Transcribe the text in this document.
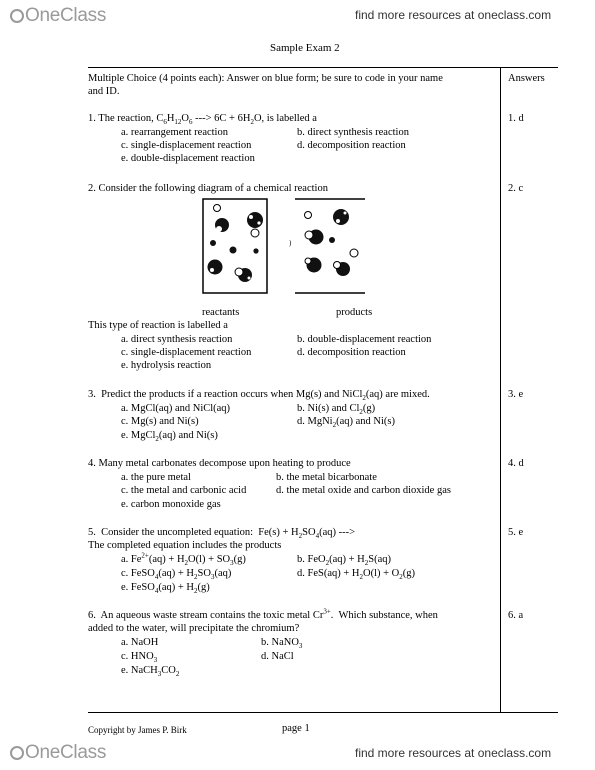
OneClass	find more resources at oneclass.com
Sample Exam 2
Multiple Choice (4 points each): Answer on blue form; be sure to code in your name
and ID.
Answers
1. The reaction, $C_6H_{12}O_6$ ---> $6C + 6H_2O$, is labelled a	1. d
a. rearrangement reaction	b. direct synthesis reaction
c. single-displacement reaction	d. decomposition reaction
e. double-displacement reaction
2. Consider the following diagram of a chemical reaction	2. c
)
reactants	products
This type of reaction is labelled a
a. direct synthesis reaction	b. double-displacement reaction
c. single-displacement reaction	d. decomposition reaction
e. hydrolysis reaction
3.  Predict the products if a reaction occurs when Mg(s) and NiCl$_2$(aq) are mixed.	3. e
a. MgCl(aq) and NiCl(aq)	b. Ni(s) and $Cl_2(g)$
c. Mg(s) and Ni(s)	d. MgNi$_2$(aq) and Ni(s)
e. MgCl$_2$(aq) and Ni(s)
4. Many metal carbonates decompose upon heating to produce	4. d
a. the pure metal	b. the metal bicarbonate
c. the metal and carbonic acid	d. the metal oxide and carbon dioxide gas
e. carbon monoxide gas
5.  Consider the uncompleted equation:  $Fe(s) + H_2SO_4(aq)$ --->	5. e
The completed equation includes the products
a. $Fe^{2+}(aq) + H_2O(l) + SO_3(g)$	b. $FeO_2(aq) + H_2S(aq)$
c. FeSO$_4$(aq) + $H_2SO_3(aq)$	d. $FeS(aq) + H_2O(l) + O_2(g)$
e. FeSO$_4$(aq) + $H_2(g)$
6.  An aqueous waste stream contains the toxic metal $Cr^{3+}$.  Which substance, when	6. a
added to the water, will precipitate the chromium?
a. NaOH	b. NaNO$_3$
c. $HNO_3$	d. NaCl
e. $NaCH_3CO_2$
Copyright by James P. Birk	page 1
OneClass	find more resources at oneclass.com
